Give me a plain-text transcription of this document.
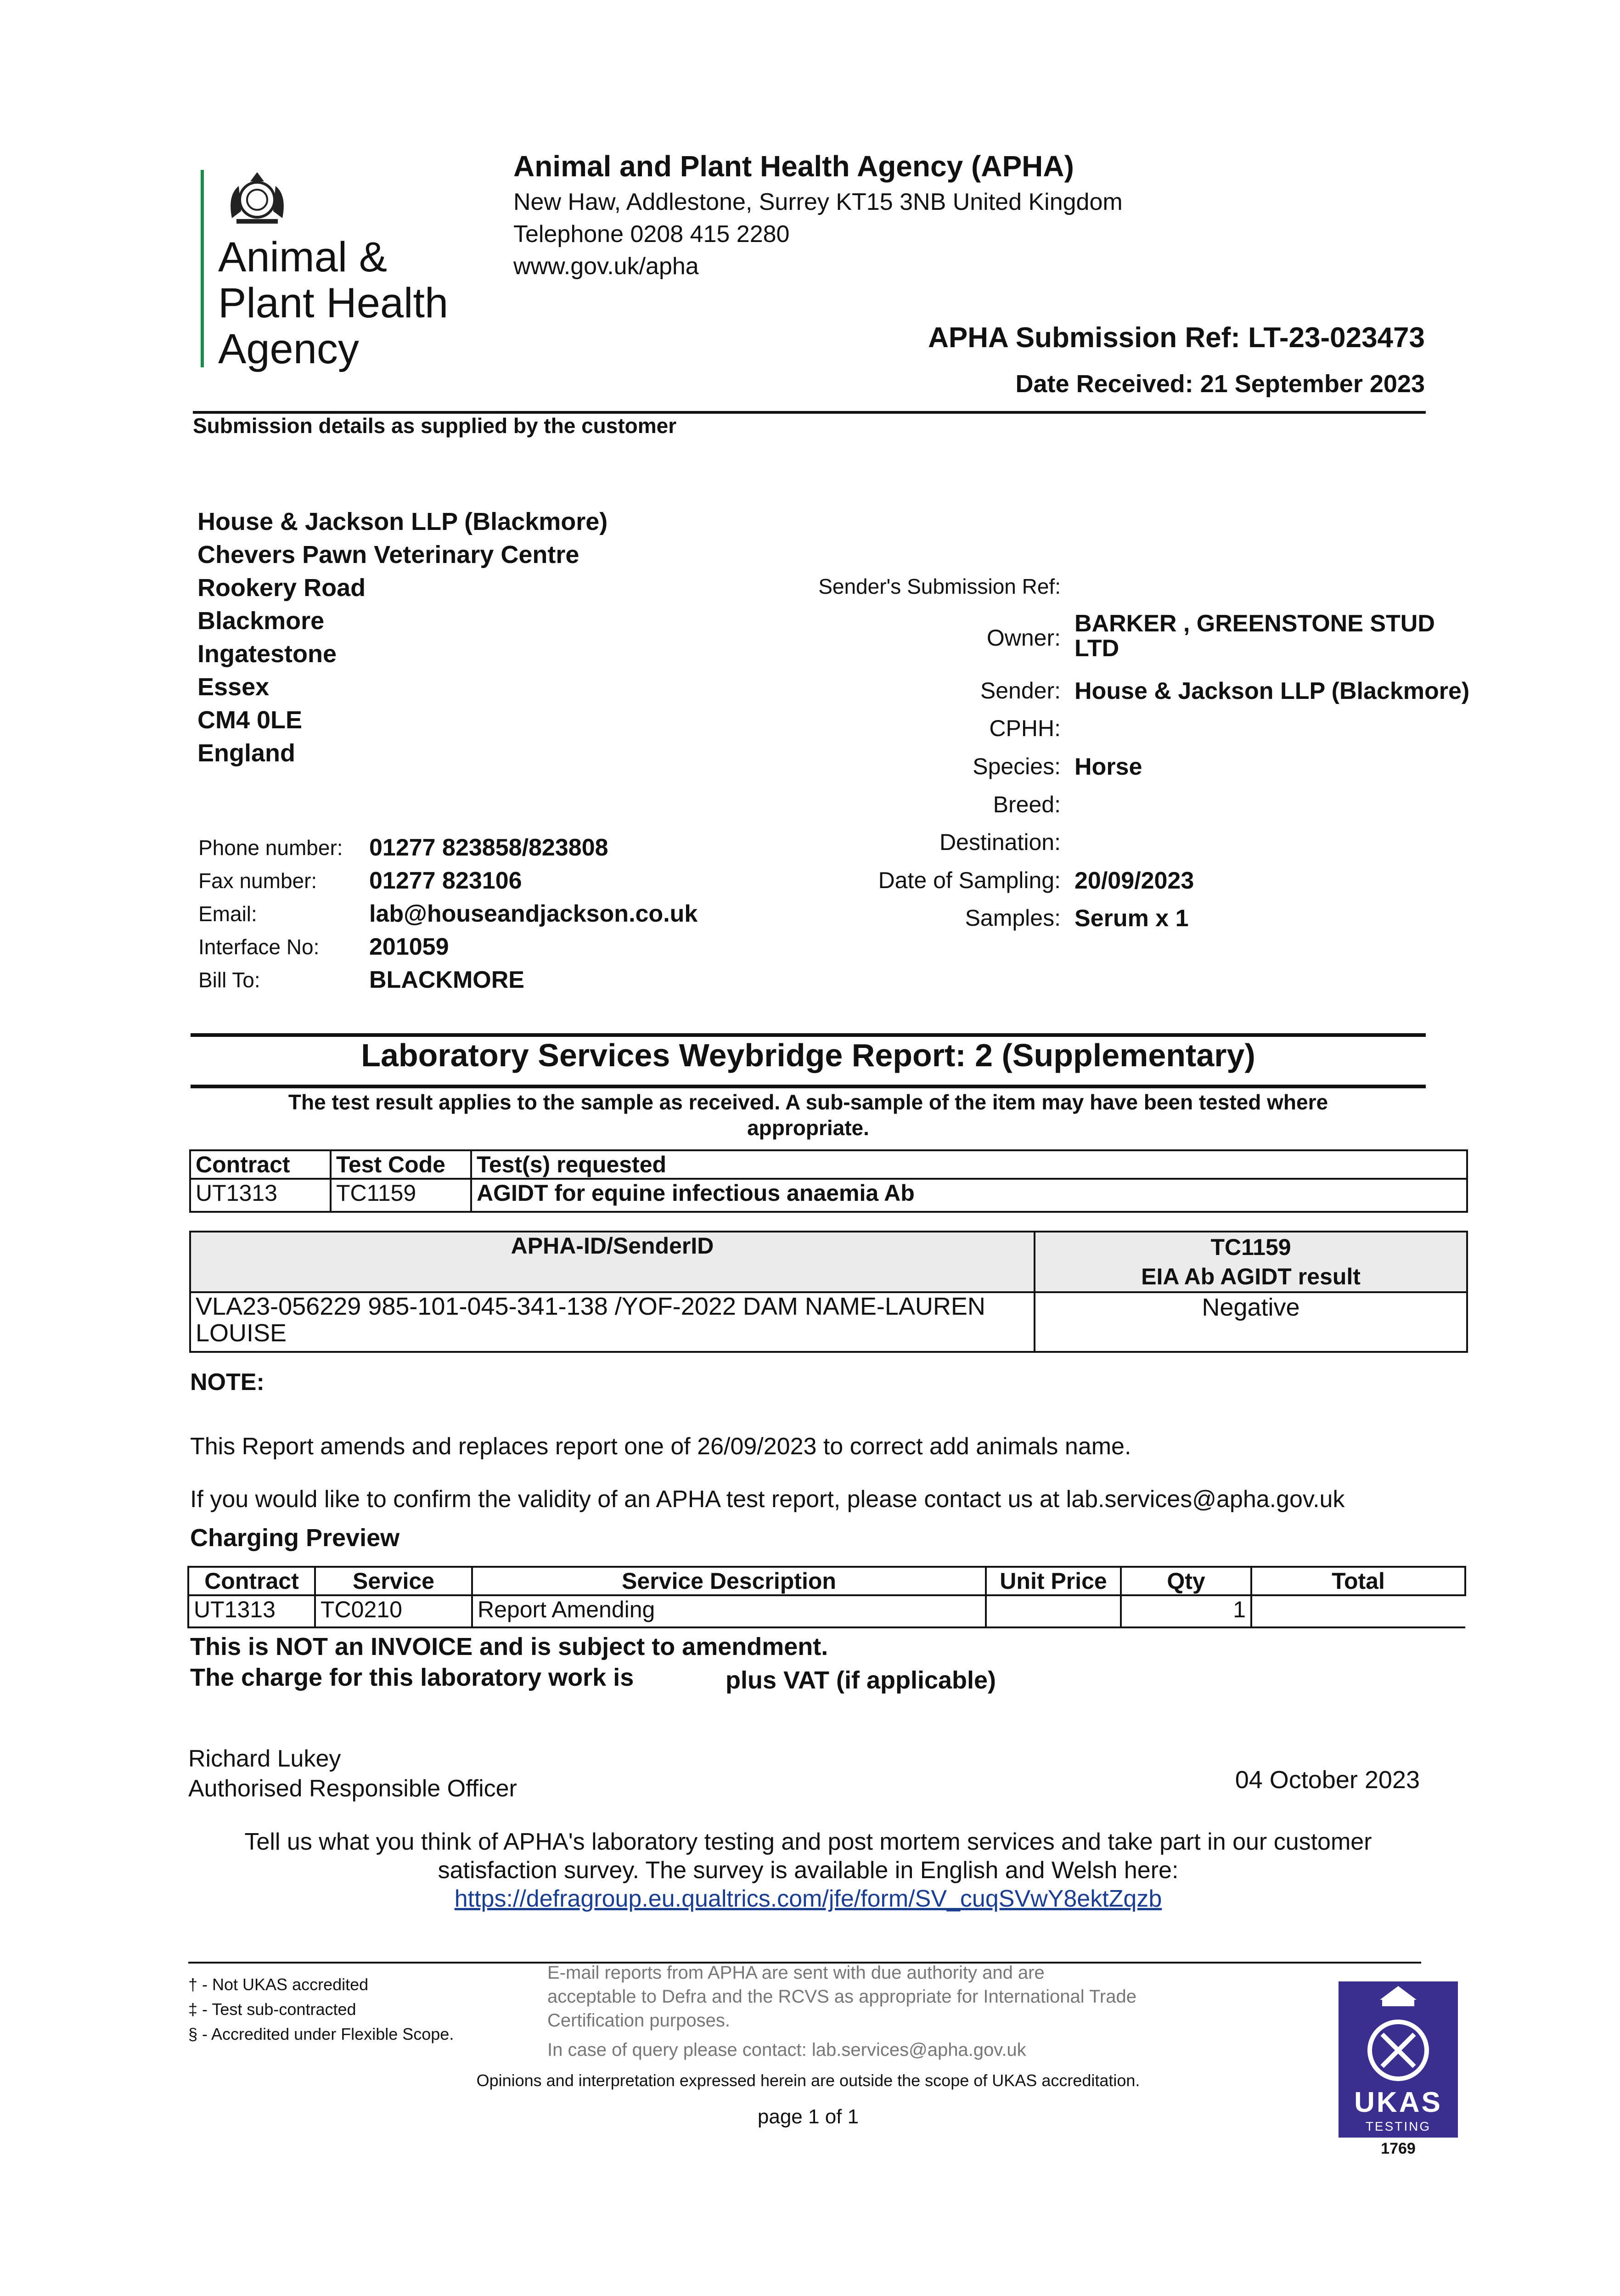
Animal &
Plant Health
Agency
Animal and Plant Health Agency (APHA)
New Haw, Addlestone, Surrey KT15 3NB United Kingdom
Telephone 0208 415 2280
www.gov.uk/apha
APHA Submission Ref: LT-23-023473
Date Received: 21 September 2023
Submission details as supplied by the customer
House & Jackson LLP (Blackmore)
Chevers Pawn Veterinary Centre
Rookery Road
Blackmore
Ingatestone
Essex
CM4 0LE
England
Phone number:	01277 823858/823808
Fax number:	01277 823106
Email:	lab@houseandjackson.co.uk
Interface No:	201059
Bill To:	BLACKMORE
Sender's Submission Ref:
Owner:
BARKER , GREENSTONE STUD
LTD
Sender: House & Jackson LLP (Blackmore)
CPHH:
Species: Horse
Breed:
Destination:
Date of Sampling: 20/09/2023
Samples: Serum x 1
Laboratory Services Weybridge Report: 2 (Supplementary)
The test result applies to the sample as received. A sub-sample of the item may have been tested where
appropriate.
Contract	Test Code	Test(s) requested
UT1313	TC1159	AGIDT for equine infectious anaemia Ab
APHA-ID/SenderID	TC1159
EIA Ab AGIDT result

VLA23-056229 985-101-045-341-138 /YOF-2022 DAM NAME-LAUREN
LOUISE	Negative
NOTE:
This Report amends and replaces report one of 26/09/2023 to correct add animals name.
If you would like to confirm the validity of an APHA test report, please contact us at lab.services@apha.gov.uk
Charging Preview
Contract	Service	Service Description	Unit Price	Qty	Total
UT1313	TC0210	Report Amending		1	
This is NOT an INVOICE and is subject to amendment.
The charge for this laboratory work is	plus VAT (if applicable)
Richard Lukey
Authorised Responsible Officer	04 October 2023
Tell us what you think of APHA's laboratory testing and post mortem services and take part in our customer
satisfaction survey. The survey is available in English and Welsh here:
https://defragroup.eu.qualtrics.com/jfe/form/SV_cuqSVwY8ektZqzb
† - Not UKAS accredited
‡ - Test sub-contracted
§ - Accredited under Flexible Scope.
E-mail reports from APHA are sent with due authority and are
acceptable to Defra and the RCVS as appropriate for International Trade
Certification purposes.
In case of query please contact: lab.services@apha.gov.uk
Opinions and interpretation expressed herein are outside the scope of UKAS accreditation.
page 1 of 1	UKAS
TESTING
1769
